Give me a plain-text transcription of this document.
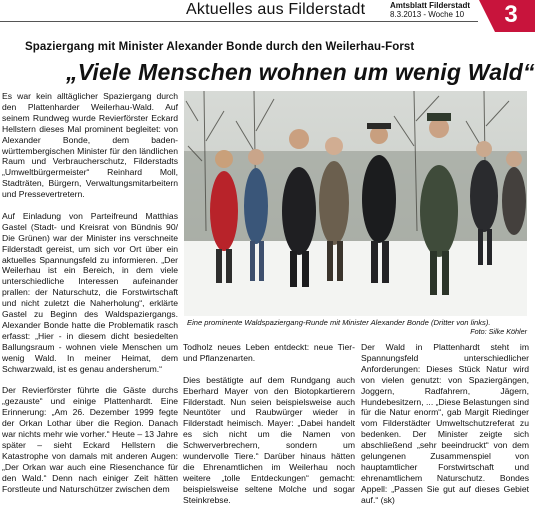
Aktuelles aus Filderstadt	Amtsblatt Filderstadt
8.3.2013 - Woche 10	3
Spaziergang mit Minister Alexander Bonde durch den Weilerhau-Forst
„Viele Menschen wohnen um wenig Wald“

Es war kein alltäglicher Spaziergang durch den Plattenharder Weilerhau-Wald. Auf seinem Rundweg wurde Revierförster Eckard Hellstern dieses Mal prominent begleitet: von Alexander Bonde, dem baden-württembergischen Minister für den ländlichen Raum und Verbraucherschutz, Filderstadts „Umweltbürgermeister“ Reinhard Moll, Stadträten, Bürgern, Verwaltungsmitarbeitern und Pressevertretern.

Auf Einladung von Parteifreund Matthias Gastel (Stadt- und Kreisrat von Bündnis 90/ Die Grünen) war der Minister ins verschneite Filderstadt gereist, um sich vor Ort über ein aktuelles Spannungsfeld zu informieren. „Der Weilerhau ist ein Bereich, in dem viele unterschiedliche Interessen aufeinander prallen: der Naturschutz, die Forstwirtschaft und nicht zuletzt die Naherholung“, erklärte Gastel zu Beginn des Waldspaziergangs. Alexander Bonde hatte die Problematik rasch erfasst: „Hier - in diesem dicht besiedelten Ballungsraum - wohnen viele Menschen um wenig Wald. In meiner Heimat, dem Schwarzwald, ist es genau andersherum.“

Der Revierförster führte die Gäste durchs „gezauste“ und einige Plattenhardt. Eine Erinnerung: „Am 26. Dezember 1999 fegte der Orkan Lothar über die Region. Danach war nichts mehr wie vorher.“ Heute – 13 Jahre später – sieht Eckard Hellstern die Katastrophe von damals mit anderen Augen: „Der Orkan war auch eine Riesenchance für den Wald.“ Denn nach einiger Zeit hätten Forstleute und Naturschützer zwischen dem

Eine prominente Waldspaziergang-Runde mit Minister Alexander Bonde (Dritter von links).
Foto: Silke Köhler

Todholz neues Leben entdeckt: neue Tier- und Pflanzenarten.

Dies bestätigte auf dem Rundgang auch Eberhard Mayer von den Biotopkartierern Filderstadt. Nun seien beispielsweise auch Neuntöter und Raubwürger wieder in Filderstadt heimisch. Mayer: „Dabei handelt es sich nicht um die Namen von Schwerverbrechern, sondern um wundervolle Tiere.“ Darüber hinaus hätten die Ehrenamtlichen im Weilerhau noch weitere „tolle Entdeckungen“ gemacht: beispielsweise seltene Molche und sogar Steinkrebse.

Der Wald in Plattenhardt steht im Spannungsfeld unterschiedlicher Anforderungen: Dieses Stück Natur wird von vielen genutzt: von Spaziergängen, Joggern, Radfahrern, Jägern, Hundebesitzern, ... „Diese Belastungen sind für die Natur enorm“, gab Margit Riedinger vom Filderstädter Umweltschutzreferat zu bedenken. Der Minister zeigte sich abschließend „sehr beeindruckt“ von dem gelungenen Zusammenspiel von hauptamtlicher Forstwirtschaft und ehrenamtlichem Naturschutz. Bondes Appell: „Passen Sie gut auf dieses Gebiet auf.“ (sk)
